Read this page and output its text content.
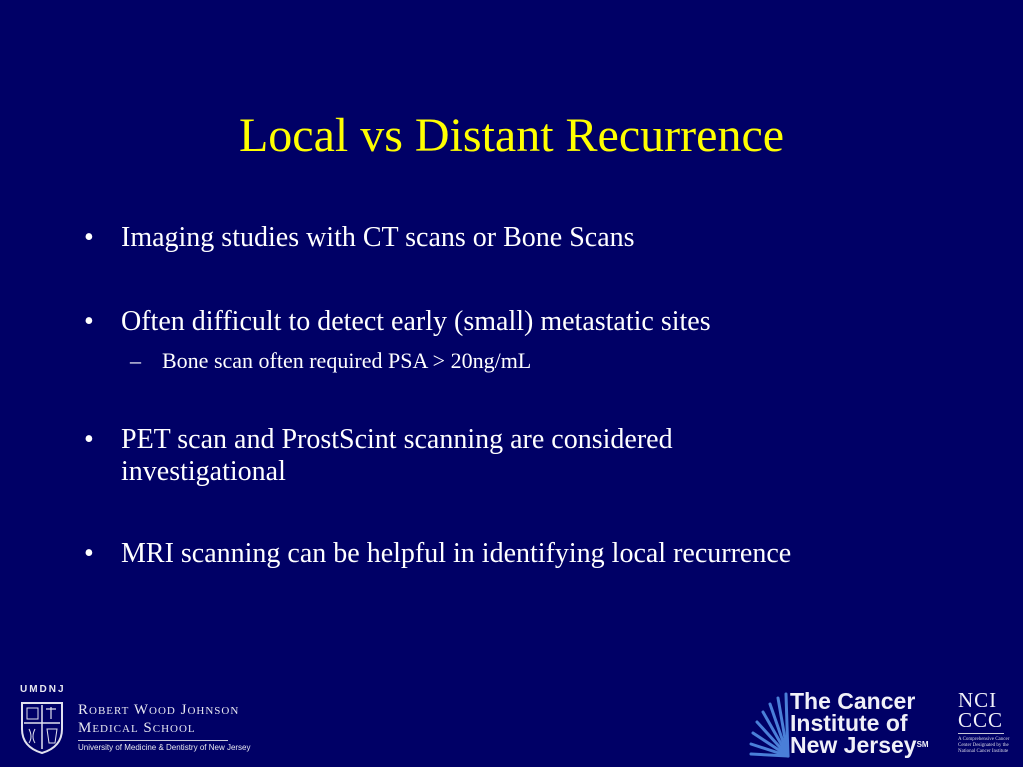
Local vs Distant Recurrence
• Imaging studies with CT scans or Bone Scans
• Often difficult to detect early (small) metastatic sites
– Bone scan often required PSA > 20ng/mL
• PET scan and ProstScint scanning are considered investigational
• MRI scanning can be helpful in identifying local recurrence
UMDNJ
Robert Wood Johnson
Medical School
University of Medicine & Dentistry of New Jersey
The Cancer
Institute of
New Jersey℠
NCI
CCC
A Comprehensive Cancer Center Designated by the National Cancer Institute
